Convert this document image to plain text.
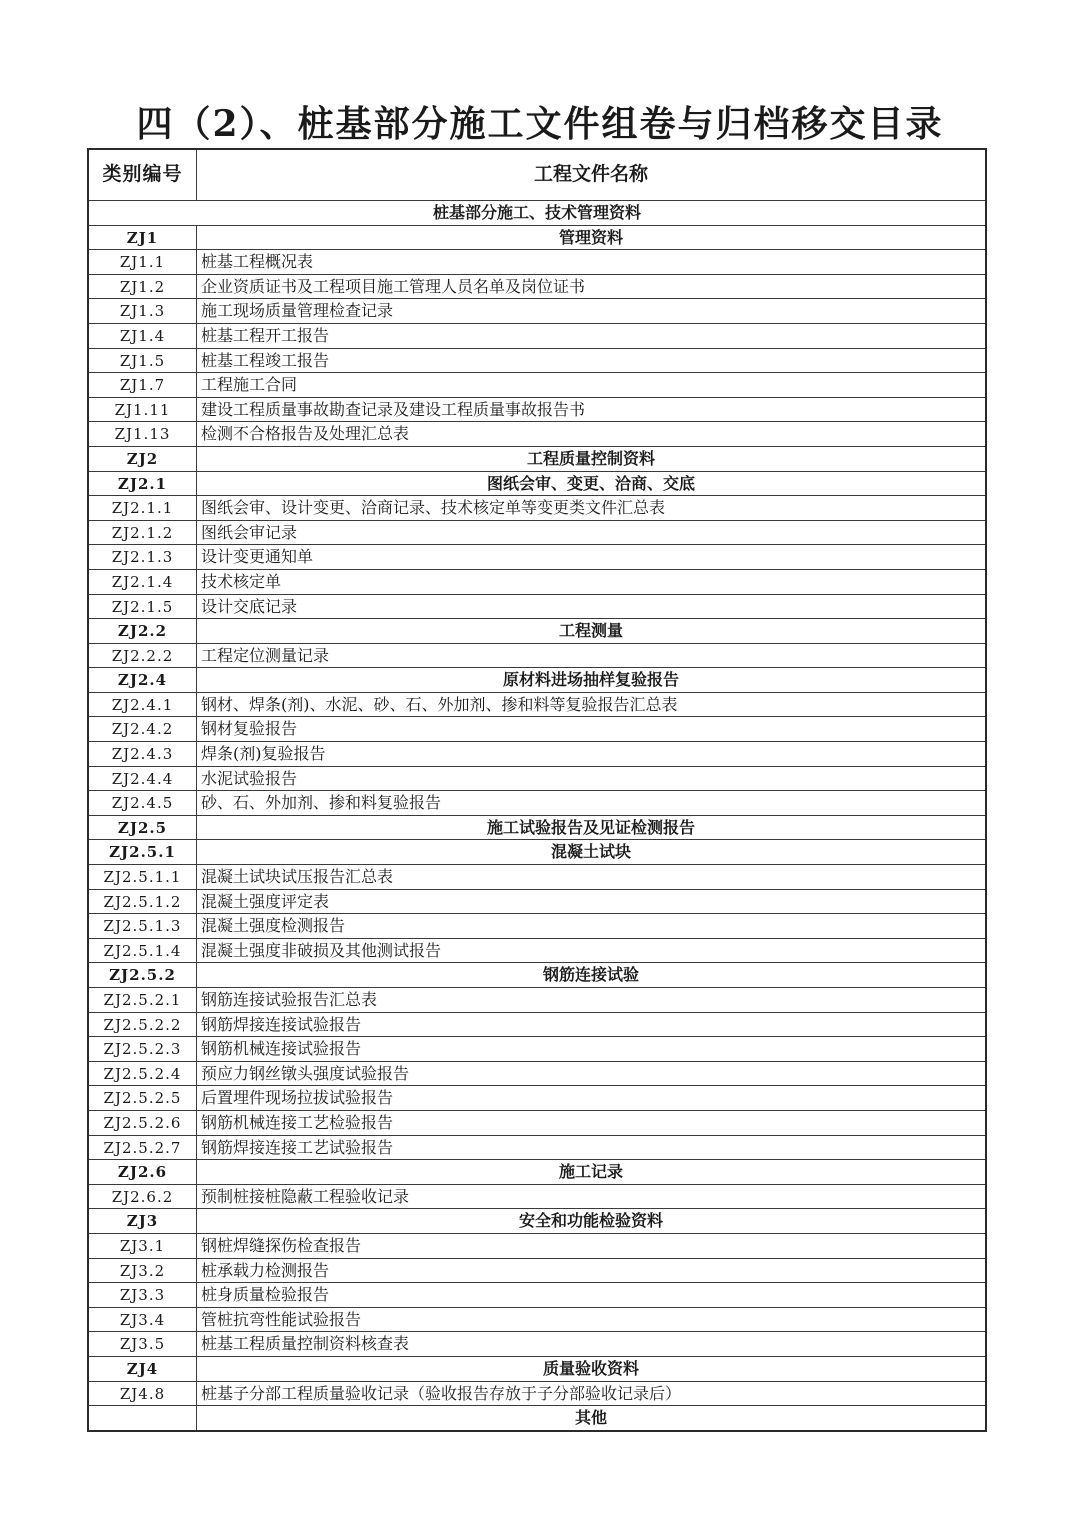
四（2）、桩基部分施工文件组卷与归档移交目录
类别编号	工程文件名称
桩基部分施工、技术管理资料
ZJ1	管理资料
ZJ1.1	桩基工程概况表
ZJ1.2	企业资质证书及工程项目施工管理人员名单及岗位证书
ZJ1.3	施工现场质量管理检查记录
ZJ1.4	桩基工程开工报告
ZJ1.5	桩基工程竣工报告
ZJ1.7	工程施工合同
ZJ1.11	建设工程质量事故勘查记录及建设工程质量事故报告书
ZJ1.13	检测不合格报告及处理汇总表
ZJ2	工程质量控制资料
ZJ2.1	图纸会审、变更、洽商、交底
ZJ2.1.1	图纸会审、设计变更、洽商记录、技术核定单等变更类文件汇总表
ZJ2.1.2	图纸会审记录
ZJ2.1.3	设计变更通知单
ZJ2.1.4	技术核定单
ZJ2.1.5	设计交底记录
ZJ2.2	工程测量
ZJ2.2.2	工程定位测量记录
ZJ2.4	原材料进场抽样复验报告
ZJ2.4.1	钢材、焊条(剂)、水泥、砂、石、外加剂、掺和料等复验报告汇总表
ZJ2.4.2	钢材复验报告
ZJ2.4.3	焊条(剂)复验报告
ZJ2.4.4	水泥试验报告
ZJ2.4.5	砂、石、外加剂、掺和料复验报告
ZJ2.5	施工试验报告及见证检测报告
ZJ2.5.1	混凝土试块
ZJ2.5.1.1	混凝土试块试压报告汇总表
ZJ2.5.1.2	混凝土强度评定表
ZJ2.5.1.3	混凝土强度检测报告
ZJ2.5.1.4	混凝土强度非破损及其他测试报告
ZJ2.5.2	钢筋连接试验
ZJ2.5.2.1	钢筋连接试验报告汇总表
ZJ2.5.2.2	钢筋焊接连接试验报告
ZJ2.5.2.3	钢筋机械连接试验报告
ZJ2.5.2.4	预应力钢丝镦头强度试验报告
ZJ2.5.2.5	后置埋件现场拉拔试验报告
ZJ2.5.2.6	钢筋机械连接工艺检验报告
ZJ2.5.2.7	钢筋焊接连接工艺试验报告
ZJ2.6	施工记录
ZJ2.6.2	预制桩接桩隐蔽工程验收记录
ZJ3	安全和功能检验资料
ZJ3.1	钢桩焊缝探伤检查报告
ZJ3.2	桩承载力检测报告
ZJ3.3	桩身质量检验报告
ZJ3.4	管桩抗弯性能试验报告
ZJ3.5	桩基工程质量控制资料核查表
ZJ4	质量验收资料
ZJ4.8	桩基子分部工程质量验收记录（验收报告存放于子分部验收记录后）
其他
